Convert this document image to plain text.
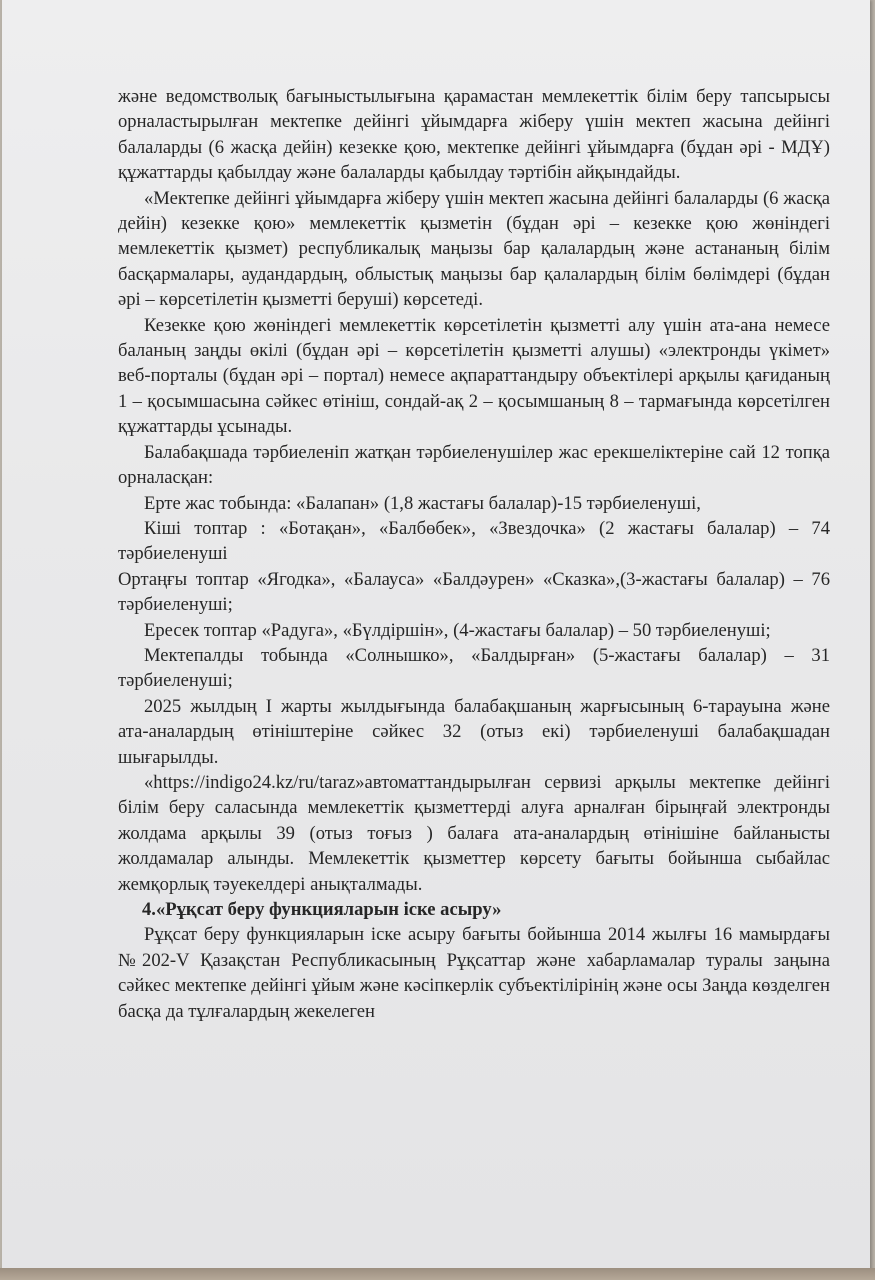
және ведомстволық бағыныстылығына қарамастан мемлекеттік білім беру тапсырысы орналастырылған мектепке дейінгі ұйымдарға жіберу үшін мектеп жасына дейінгі балаларды (6 жасқа дейін) кезекке қою, мектепке дейінгі ұйымдарға (бұдан әрі - МДҰ) құжаттарды қабылдау және балаларды қабылдау тәртібін айқындайды.

«Мектепке дейінгі ұйымдарға жіберу үшін мектеп жасына дейінгі балаларды (6 жасқа дейін) кезекке қою» мемлекеттік қызметін (бұдан әрі – кезекке қою жөніндегі мемлекеттік қызмет) республикалық маңызы бар қалалардың және астананың білім басқармалары, аудандардың, облыстық маңызы бар қалалардың білім бөлімдері (бұдан әрі – көрсетілетін қызметті беруші) көрсетеді.

Кезекке қою жөніндегі мемлекеттік көрсетілетін қызметті алу үшін ата-ана немесе баланың заңды өкілі (бұдан әрі – көрсетілетін қызметті алушы) «электронды үкімет» веб-порталы (бұдан әрі – портал) немесе ақпараттандыру объектілері арқылы қағиданың 1 – қосымшасына сәйкес өтініш, сондай-ақ 2 – қосымшаның 8 – тармағында көрсетілген құжаттарды ұсынады.

Балабақшада тәрбиеленіп жатқан тәрбиеленушілер жас ерекшеліктеріне сай 12 топқа орналасқан:

Ерте жас тобында: «Балапан» (1,8 жастағы балалар)-15 тәрбиеленуші,

Кіші топтар : «Ботақан», «Балбөбек», «Звездочка» (2 жастағы балалар) – 74 тәрбиеленуші

Ортаңғы топтар «Ягодка», «Балауса» «Балдәурен» «Сказка»,(3-жастағы балалар) – 76 тәрбиеленуші;

Ересек топтар «Радуга», «Бүлдіршін», (4-жастағы балалар) – 50 тәрбиеленуші;

Мектепалды тобында «Солнышко», «Балдырған» (5-жастағы балалар) – 31 тәрбиеленуші;

2025 жылдың I жарты жылдығында балабақшаның жарғысының 6-тарауына және ата-аналардың өтініштеріне сәйкес 32 (отыз екі) тәрбиеленуші балабақшадан шығарылды.

«https://indigo24.kz/ru/taraz»автоматтандырылған сервизі арқылы мектепке дейінгі білім беру саласында мемлекеттік қызметтерді алуға арналған бірыңғай электронды жолдама арқылы 39 (отыз тоғыз ) балаға ата-аналардың өтінішіне байланысты жолдамалар алынды. Мемлекеттік қызметтер көрсету бағыты бойынша сыбайлас жемқорлық тәуекелдері анықталмады.

4.«Рұқсат беру функцияларын іске асыру»

Рұқсат беру функцияларын іске асыру бағыты бойынша 2014 жылғы 16 мамырдағы №202-V Қазақстан Республикасының Рұқсаттар және хабарламалар туралы заңына сәйкес мектепке дейінгі ұйым және кәсіпкерлік субъектілірінің және осы Заңда көзделген басқа да тұлғалардың жекелеген
